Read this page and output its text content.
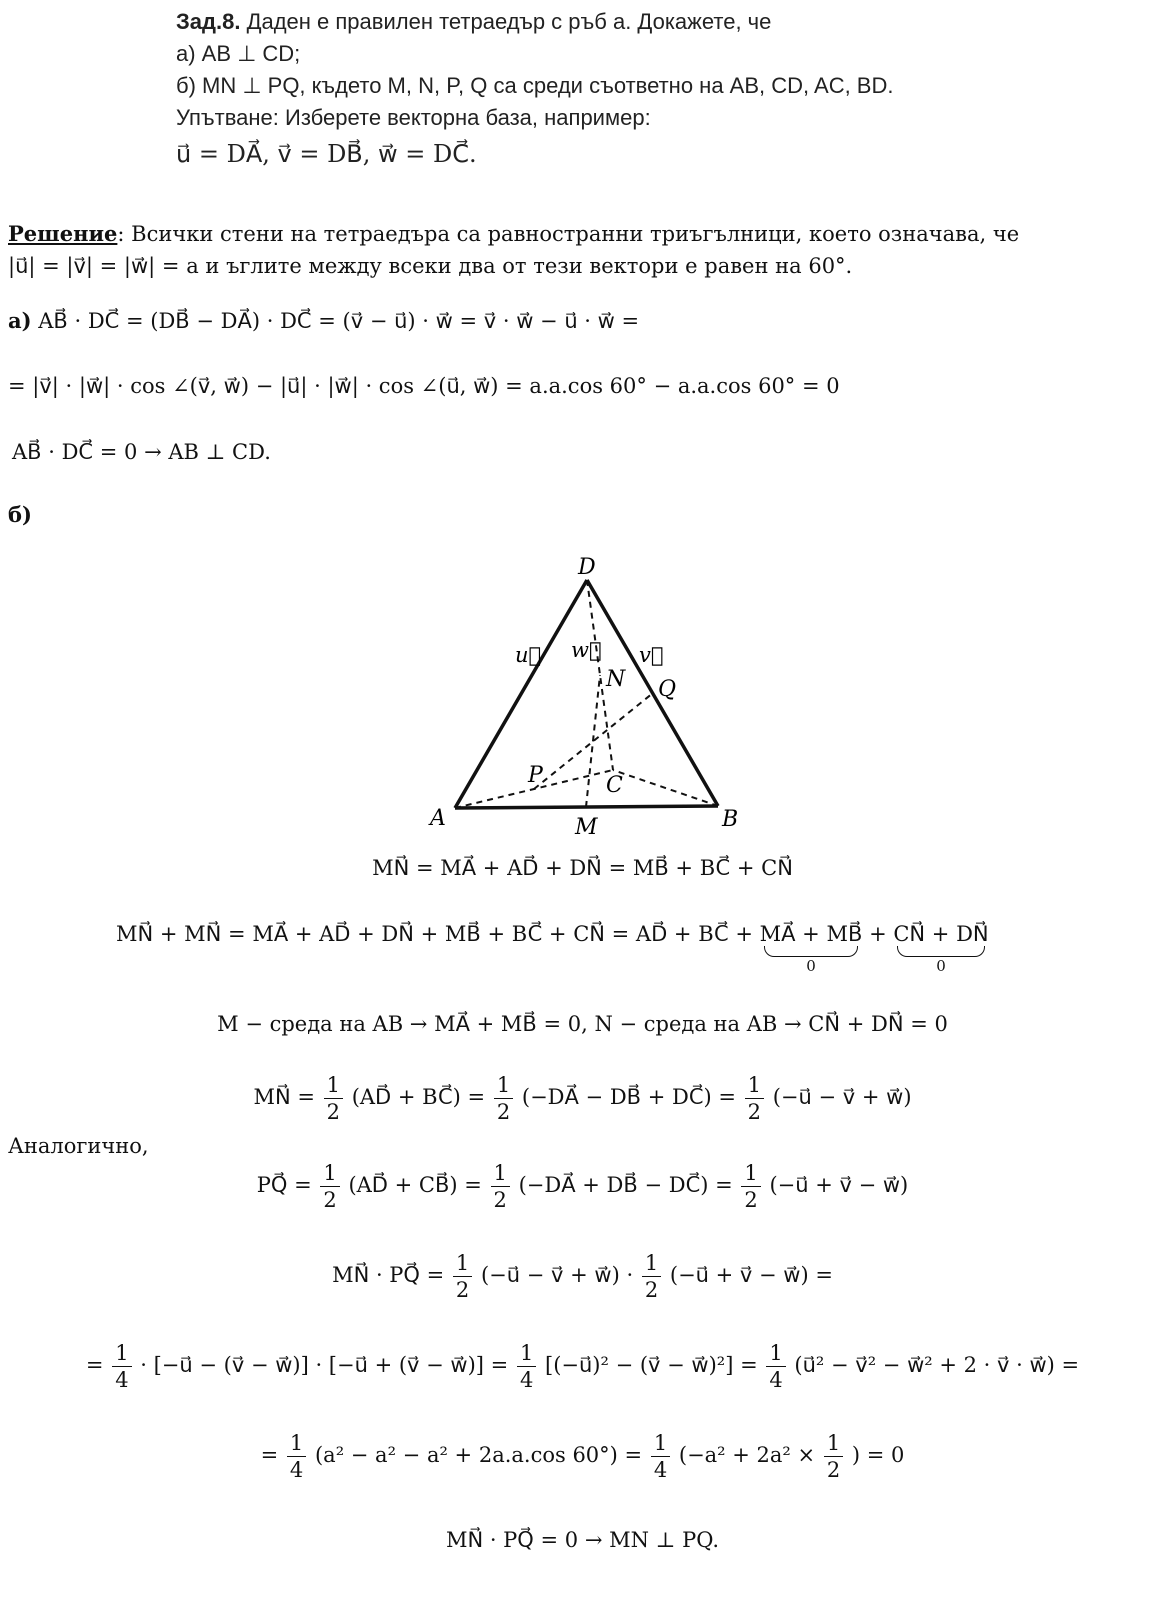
Зад.8. Даден е правилен тетраедър с ръб a. Докажете, че
а) AB ⊥ CD;
б) MN ⊥ PQ, където M, N, P, Q са среди съответно на AB, CD, AC, BD.
Упътване: Изберете векторна база, например:
u⃗ = DA⃗, v⃗ = DB⃗, w⃗ = DC⃗.
Решение: Всички стени на тетраедъра са равностранни триъгълници, което означава, че
|u⃗| = |v⃗| = |w⃗| = a и ъглите между всеки два от тези вектори е равен на 60°.
а) AB⃗ · DC⃗ = (DB⃗ − DA⃗) · DC⃗ = (v⃗ − u⃗) · w⃗ = v⃗ · w⃗ − u⃗ · w⃗ =
= |v⃗| · |w⃗| · cos ∠(v⃗, w⃗) − |u⃗| · |w⃗| · cos ∠(u⃗, w⃗) = a.a.cos 60° − a.a.cos 60° = 0
AB⃗ · DC⃗ = 0 → AB ⊥ CD.
б)
D
A	B
C
M
N
P
Q
u⃗ w⃗ v⃗
MN⃗ = MA⃗ + AD⃗ + DN⃗ = MB⃗ + BC⃗ + CN⃗
MN⃗ + MN⃗ = MA⃗ + AD⃗ + DN⃗ + MB⃗ + BC⃗ + CN⃗ = AD⃗ + BC⃗ + MA⃗ + MB⃗
0
+ CN⃗ + DN⃗
0
M − среда на AB → MA⃗ + MB⃗ = 0, N − среда на AB → CN⃗ + DN⃗ = 0
MN⃗ = $\frac{1}{2}$ (AD⃗ + BC⃗) = $\frac{1}{2}$ (−DA⃗ − DB⃗ + DC⃗) = $\frac{1}{2}$ (−u⃗ − v⃗ + w⃗)
Аналогично,
PQ⃗ = $\frac{1}{2}$ (AD⃗ + CB⃗) = $\frac{1}{2}$ (−DA⃗ + DB⃗ − DC⃗) = $\frac{1}{2}$ (−u⃗ + v⃗ − w⃗)
MN⃗ · PQ⃗ = $\frac{1}{2}$ (−u⃗ − v⃗ + w⃗) · $\frac{1}{2}$ (−u⃗ + v⃗ − w⃗) =
= $\frac{1}{4}$ · [−u⃗ − (v⃗ − w⃗)] · [−u⃗ + (v⃗ − w⃗)] = $\frac{1}{4}$ [(−u⃗)² − (v⃗ − w⃗)²] = $\frac{1}{4}$ (u⃗² − v⃗² − w⃗² + 2 · v⃗ · w⃗) =
= $\frac{1}{4} (a^2 - a^2 - a^2 + 2a.a.\cos$ $60^\circ) = \frac{1}{4} (-a^2 + 2a^2 \times \frac{1}{2}$ ) = 0
MN⃗ · PQ⃗ = 0 → MN ⊥ PQ.
